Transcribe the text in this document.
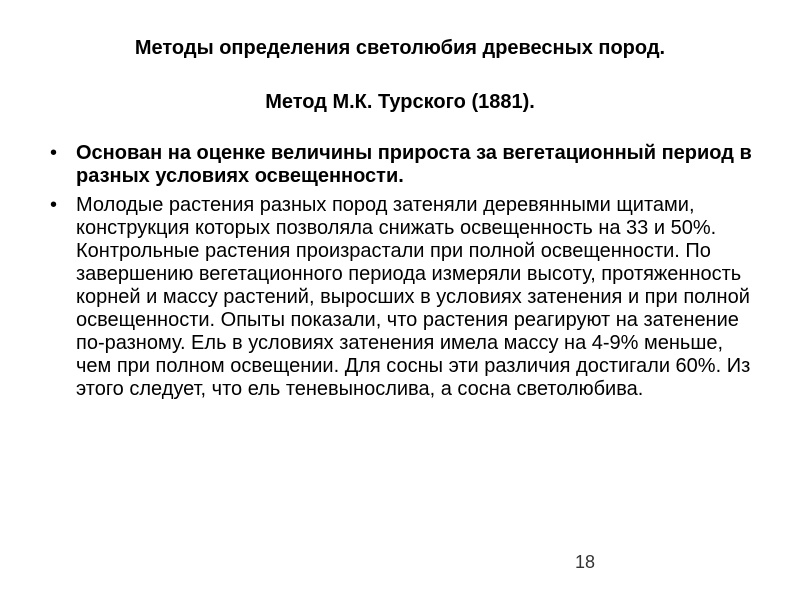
Методы определения светолюбия древесных пород.

Метод М.К. Турского (1881).

• Основан на оценке величины прироста за вегетационный период в разных условиях освещенности.
• Молодые растения разных пород затеняли деревянными щитами, конструкция которых позволяла снижать освещенность на 33 и 50%. Контрольные растения произрастали при полной освещенности. По завершению вегетационного периода измеряли высоту, протяженность корней и массу растений, выросших в условиях затенения и при полной освещенности. Опыты показали, что растения реагируют на затенение по-разному. Ель в условиях затенения имела массу на 4-9% меньше, чем при полном освещении. Для сосны эти различия достигали 60%. Из этого следует, что ель теневынослива, а сосна светолюбива.
18
